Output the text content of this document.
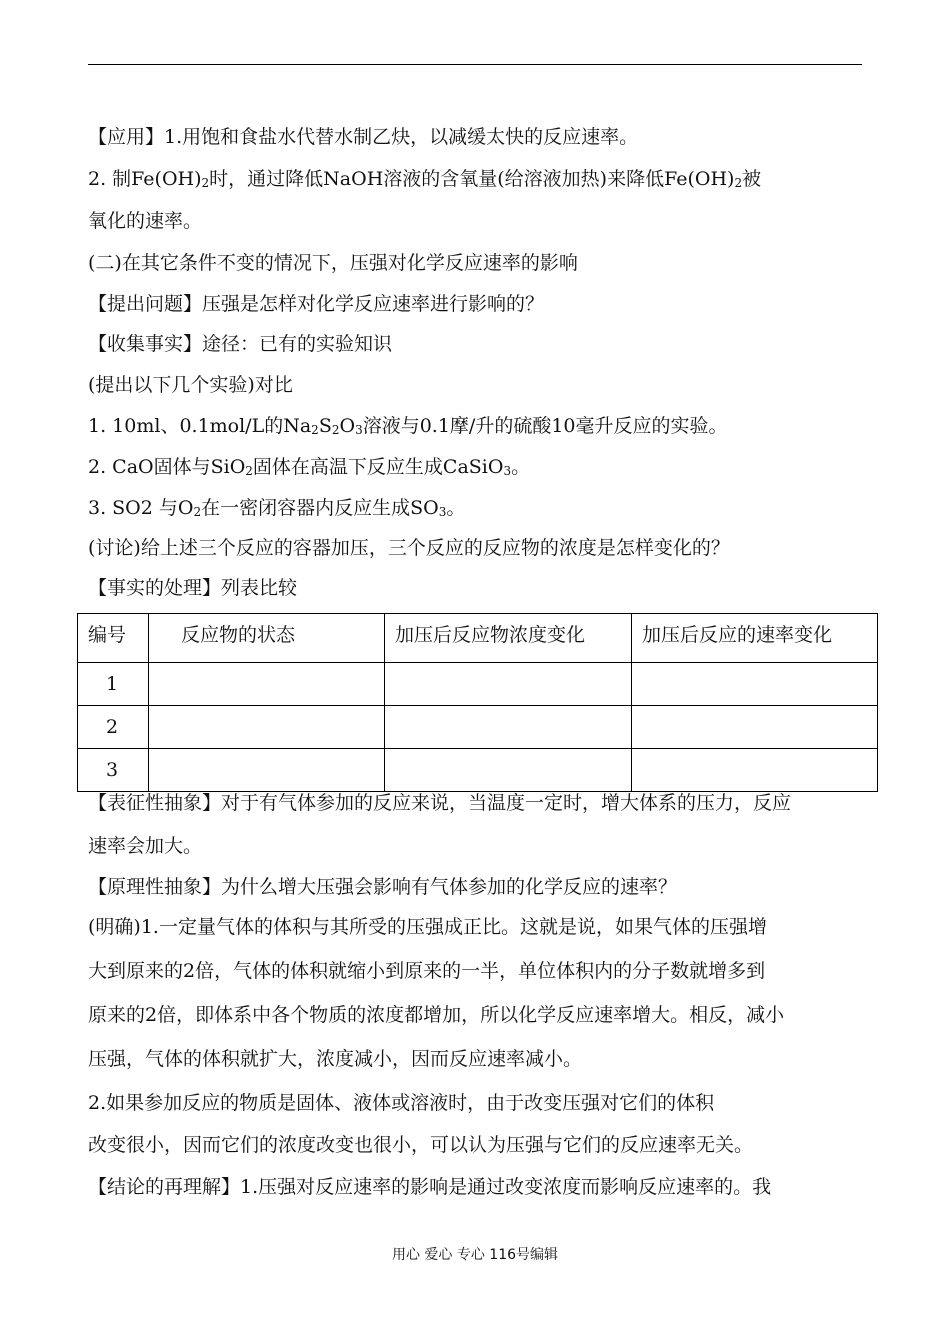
【应用】1.用饱和食盐水代替水制乙炔，以减缓太快的反应速率。
2. 制$Fe(OH)_2$时，通过降低NaOH溶液的含氧量(给溶液加热)来降低$Fe(OH)_2$被
氧化的速率。
(二)在其它条件不变的情况下，压强对化学反应速率的影响
【提出问题】压强是怎样对化学反应速率进行影响的？
【收集事实】途径：已有的实验知识
(提出以下几个实验)对比
1. 10ml、0.1mol/L的$Na_2S_2O_3$溶液与0.1摩/升的硫酸10毫升反应的实验。
2. CaO固体与SiO$_2$固体在高温下反应生成CaSiO$_3$。
3. SO2 与$O_2$在一密闭容器内反应生成$SO_3$。
(讨论)给上述三个反应的容器加压，三个反应的反应物的浓度是怎样变化的？
【事实的处理】列表比较
编号	反应物的状态	加压后反应物浓度变化	加压后反应的速率变化
1			
2			
3			
【表征性抽象】对于有气体参加的反应来说，当温度一定时，增大体系的压力，反应
速率会加大。
【原理性抽象】为什么增大压强会影响有气体参加的化学反应的速率？
(明确)1.一定量气体的体积与其所受的压强成正比。这就是说，如果气体的压强增
大到原来的2倍，气体的体积就缩小到原来的一半，单位体积内的分子数就增多到
原来的2倍，即体系中各个物质的浓度都增加，所以化学反应速率增大。相反，减小
压强，气体的体积就扩大，浓度减小，因而反应速率减小。
2.如果参加反应的物质是固体、液体或溶液时，由于改变压强对它们的体积
改变很小，因而它们的浓度改变也很小，可以认为压强与它们的反应速率无关。
【结论的再理解】1.压强对反应速率的影响是通过改变浓度而影响反应速率的。我
用心 爱心 专心 116号编辑
